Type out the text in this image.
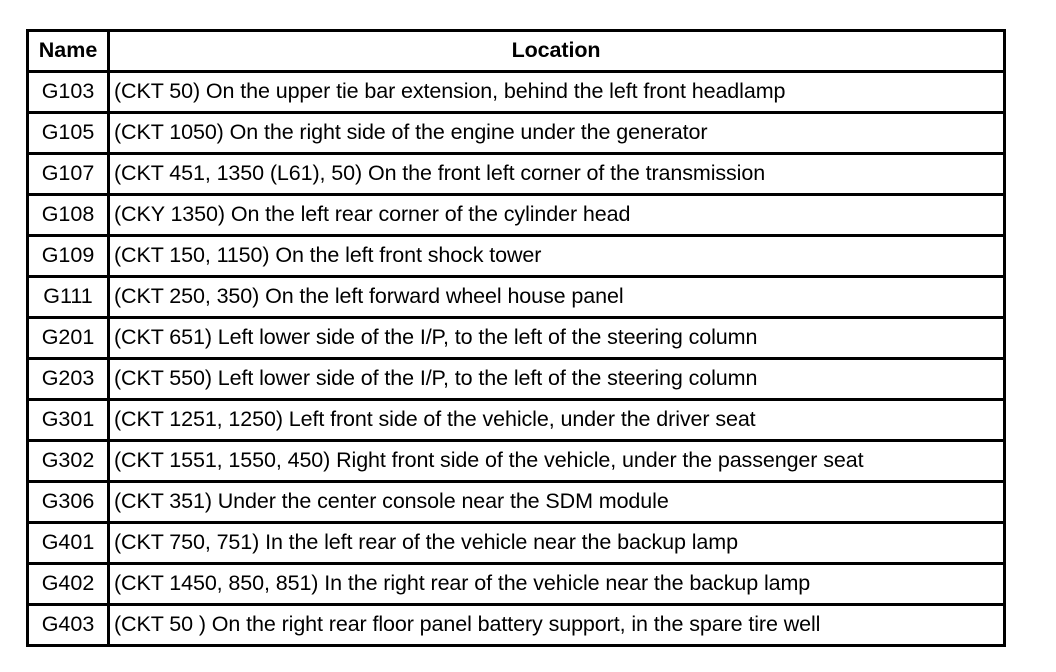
Name	Location
G103	(CKT 50) On the upper tie bar extension, behind the left front headlamp
G105	(CKT 1050) On the right side of the engine under the generator
G107	(CKT 451, 1350 (L61), 50) On the front left corner of the transmission
G108	(CKY 1350) On the left rear corner of the cylinder head
G109	(CKT 150, 1150) On the left front shock tower
G111	(CKT 250, 350) On the left forward wheel house panel
G201	(CKT 651) Left lower side of the I/P, to the left of the steering column
G203	(CKT 550) Left lower side of the I/P, to the left of the steering column
G301	(CKT 1251, 1250) Left front side of the vehicle, under the driver seat
G302	(CKT 1551, 1550, 450) Right front side of the vehicle, under the passenger seat
G306	(CKT 351) Under the center console near the SDM module
G401	(CKT 750, 751) In the left rear of the vehicle near the backup lamp
G402	(CKT 1450, 850, 851) In the right rear of the vehicle near the backup lamp
G403	(CKT 50 ) On the right rear floor panel battery support, in the spare tire well
